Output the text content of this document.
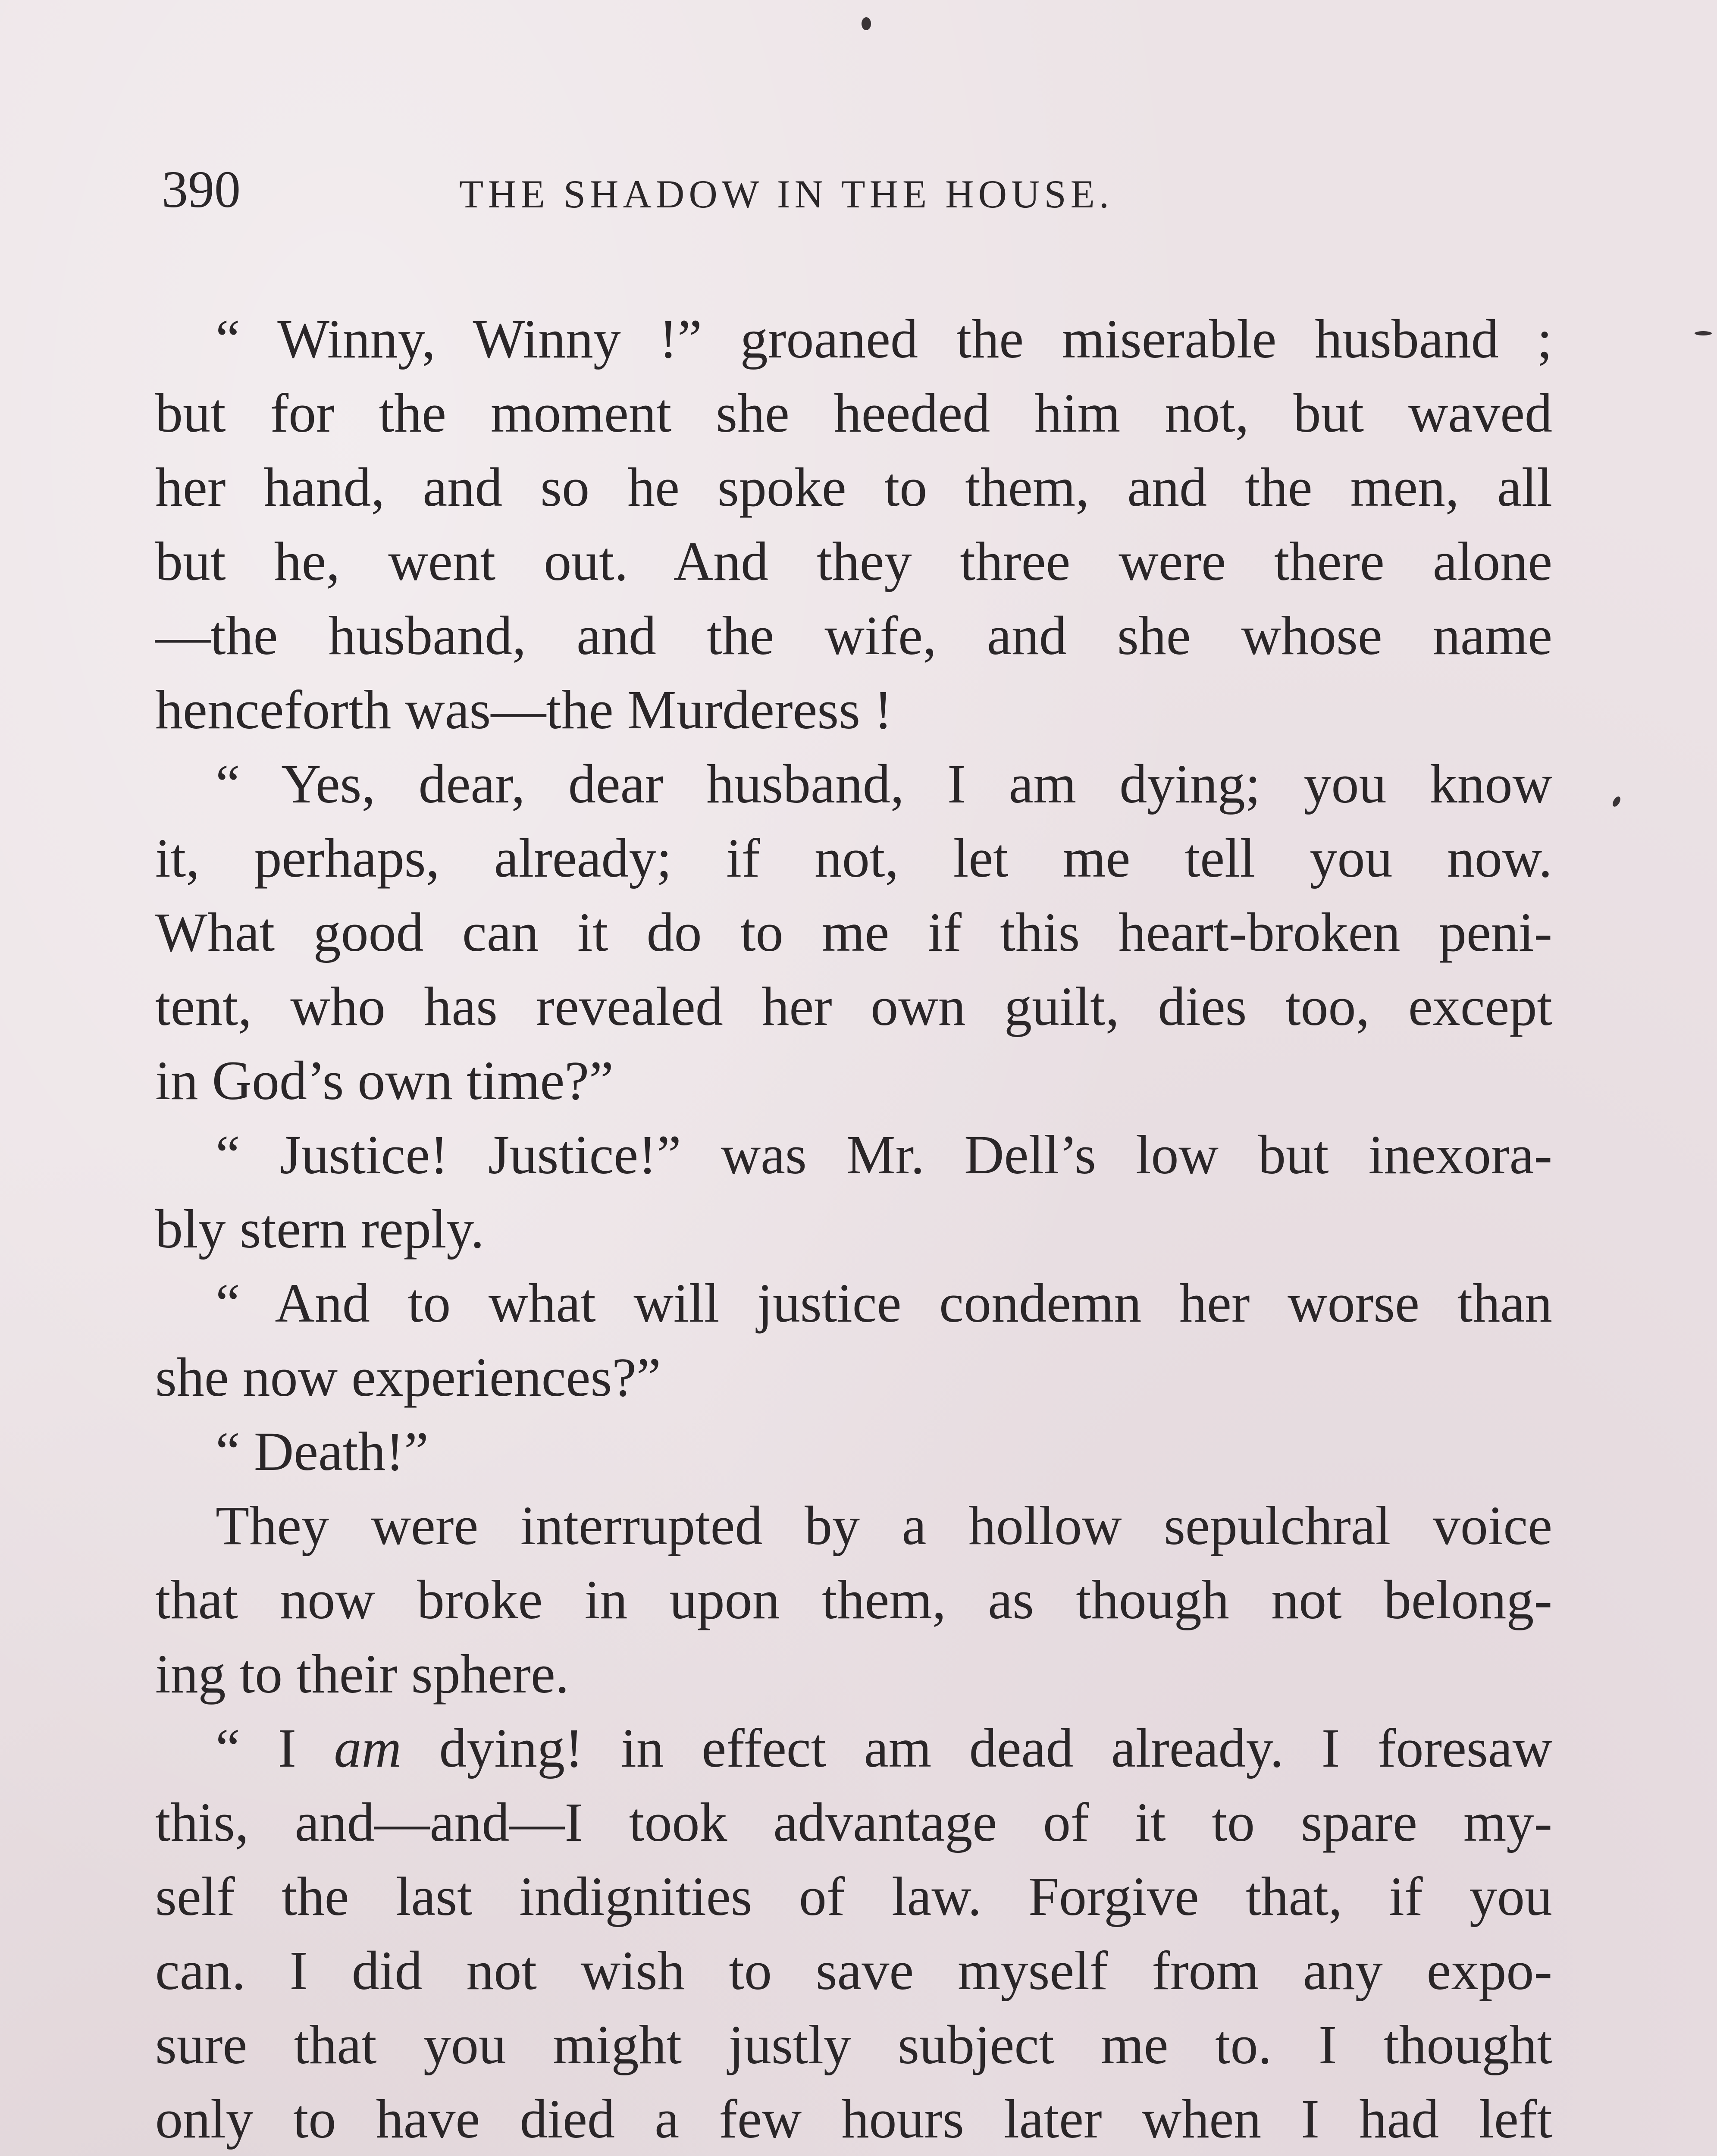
390	THE SHADOW IN THE HOUSE.
“ Winny, Winny !” groaned the miserable husband ;
but for the moment she heeded him not, but waved
her hand, and so he spoke to them, and the men, all
but he, went out. And they three were there alone
—the husband, and the wife, and she whose name
henceforth was—the Murderess !
“ Yes, dear, dear husband, I am dying; you know
it, perhaps, already; if not, let me tell you now.
What good can it do to me if this heart-broken peni-
tent, who has revealed her own guilt, dies too, except
in God’s own time?”
“ Justice! Justice!” was Mr. Dell’s low but inexora-
bly stern reply.
“ And to what will justice condemn her worse than
she now experiences?”
“ Death!”
They were interrupted by a hollow sepulchral voice
that now broke in upon them, as though not belong-
ing to their sphere.
“ I am dying! in effect am dead already. I foresaw
this, and—and—I took advantage of it to spare my-
self the last indignities of law. Forgive that, if you
can. I did not wish to save myself from any expo-
sure that you might justly subject me to. I thought
only to have died a few hours later when I had left
